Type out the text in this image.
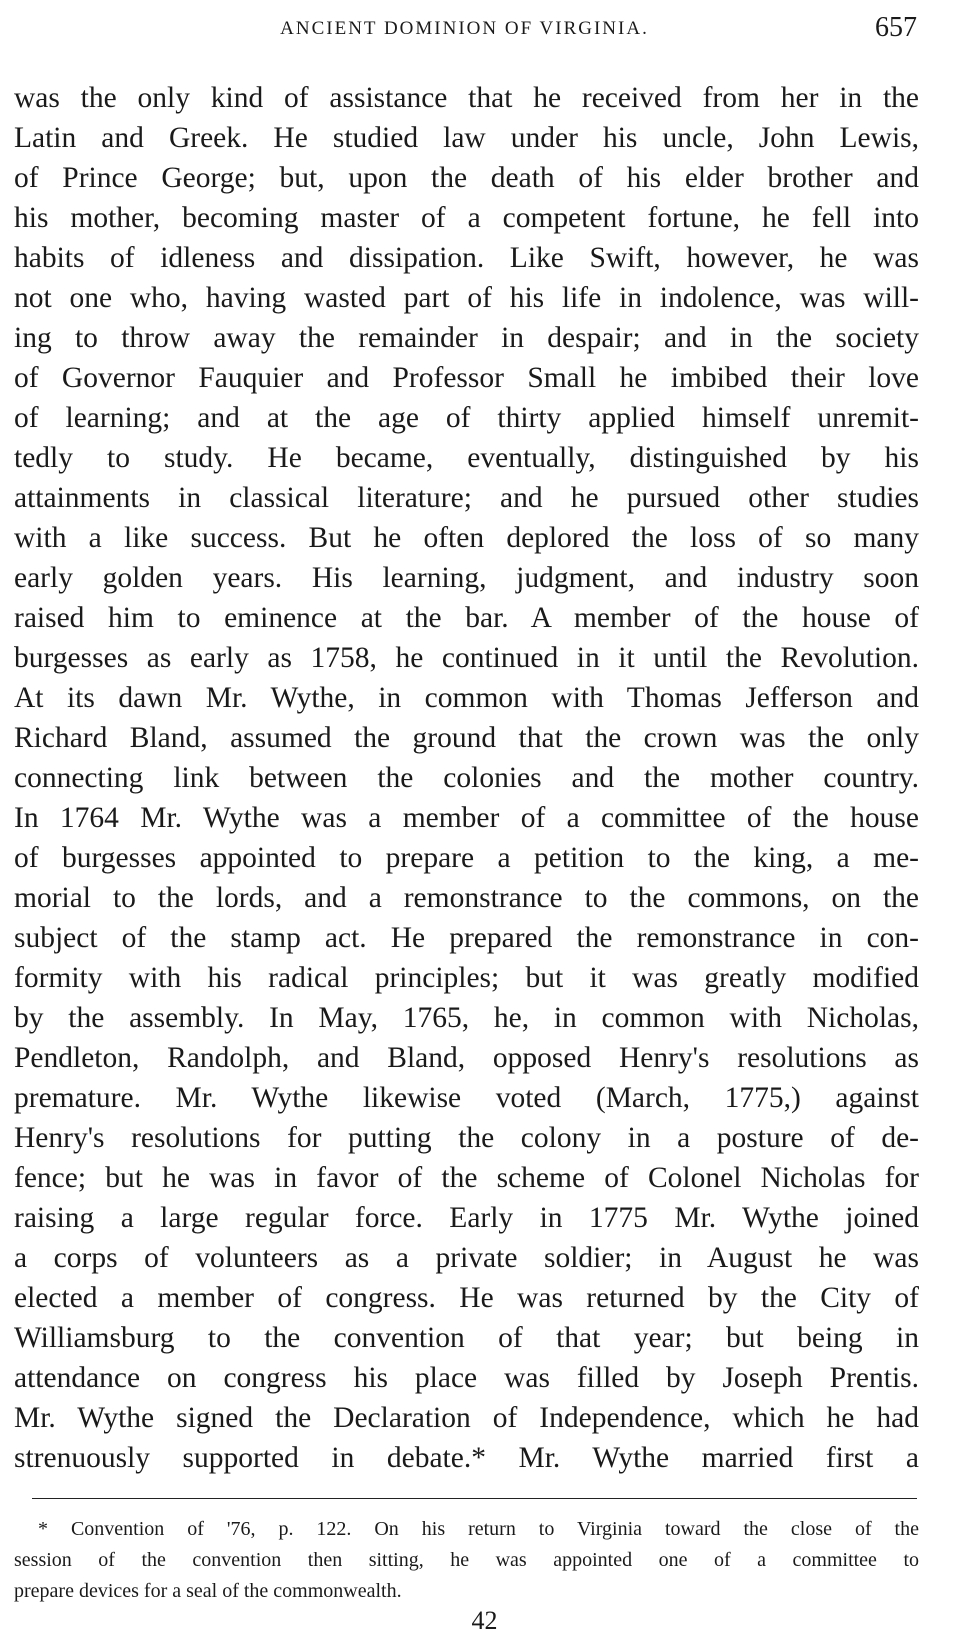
ANCIENT DOMINION OF VIRGINIA.	657
was the only kind of assistance that he received from her in the
Latin and Greek. He studied law under his uncle, John Lewis,
of Prince George; but, upon the death of his elder brother and
his mother, becoming master of a competent fortune, he fell into
habits of idleness and dissipation. Like Swift, however, he was
not one who, having wasted part of his life in indolence, was will-
ing to throw away the remainder in despair; and in the society
of Governor Fauquier and Professor Small he imbibed their love
of learning; and at the age of thirty applied himself unremit-
tedly to study. He became, eventually, distinguished by his
attainments in classical literature; and he pursued other studies
with a like success. But he often deplored the loss of so many
early golden years. His learning, judgment, and industry soon
raised him to eminence at the bar. A member of the house of
burgesses as early as 1758, he continued in it until the Revolution.
At its dawn Mr. Wythe, in common with Thomas Jefferson and
Richard Bland, assumed the ground that the crown was the only
connecting link between the colonies and the mother country.
In 1764 Mr. Wythe was a member of a committee of the house
of burgesses appointed to prepare a petition to the king, a me-
morial to the lords, and a remonstrance to the commons, on the
subject of the stamp act. He prepared the remonstrance in con-
formity with his radical principles; but it was greatly modified
by the assembly. In May, 1765, he, in common with Nicholas,
Pendleton, Randolph, and Bland, opposed Henry's resolutions as
premature. Mr. Wythe likewise voted (March, 1775,) against
Henry's resolutions for putting the colony in a posture of de-
fence; but he was in favor of the scheme of Colonel Nicholas for
raising a large regular force. Early in 1775 Mr. Wythe joined
a corps of volunteers as a private soldier; in August he was
elected a member of congress. He was returned by the City of
Williamsburg to the convention of that year; but being in
attendance on congress his place was filled by Joseph Prentis.
Mr. Wythe signed the Declaration of Independence, which he had
strenuously supported in debate.* Mr. Wythe married first a
* Convention of '76, p. 122. On his return to Virginia toward the close of the
session of the convention then sitting, he was appointed one of a committee to
prepare devices for a seal of the commonwealth.
42
